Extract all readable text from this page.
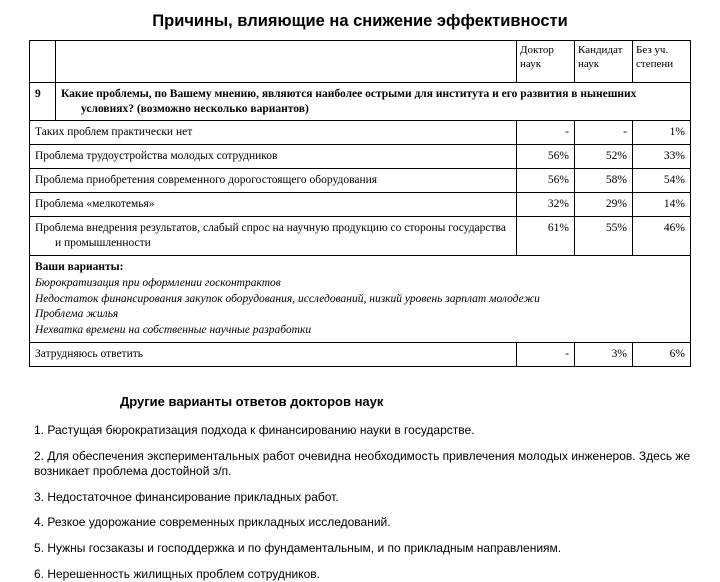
Причины, влияющие на снижение эффективности
		Доктор наук	Кандидат наук	Без уч. степени
9	Какие проблемы, по Вашему мнению, являются наиболее острыми для института и его развития в нынешних условиях? (возможно несколько вариантов)			

Таких проблем практически нет		-	-	1%

Проблема трудоустройства молодых сотрудников		56%	52%	33%

Проблема приобретения современного дорогостоящего оборудования		56%	58%	54%

Проблема «мелкотемья»		32%	29%	14%

Проблема внедрения результатов, слабый спрос на научную продукцию со стороны государства и промышленности		61%	55%	46%

Ваши варианты:
Бюрократизация при оформлении госконтрактов
Недостаток финансирования закупок оборудования, исследований, низкий уровень зарплат молодежи
Проблема жилья
Нехватка времени на собственные научные разработки				

Затрудняюсь ответить		-	3%	6%
Другие варианты ответов докторов наук
1. Растущая бюрократизация подхода к финансированию науки в государстве.
2. Для обеспечения экспериментальных работ очевидна необходимость привлечения молодых инженеров. Здесь же возникает проблема достойной з/п.
3. Недостаточное финансирование прикладных работ.
4. Резкое удорожание современных прикладных исследований.
5. Нужны госзаказы и господдержка и по фундаментальным, и по прикладным направлениям.
6. Нерешенность жилищных проблем сотрудников.
